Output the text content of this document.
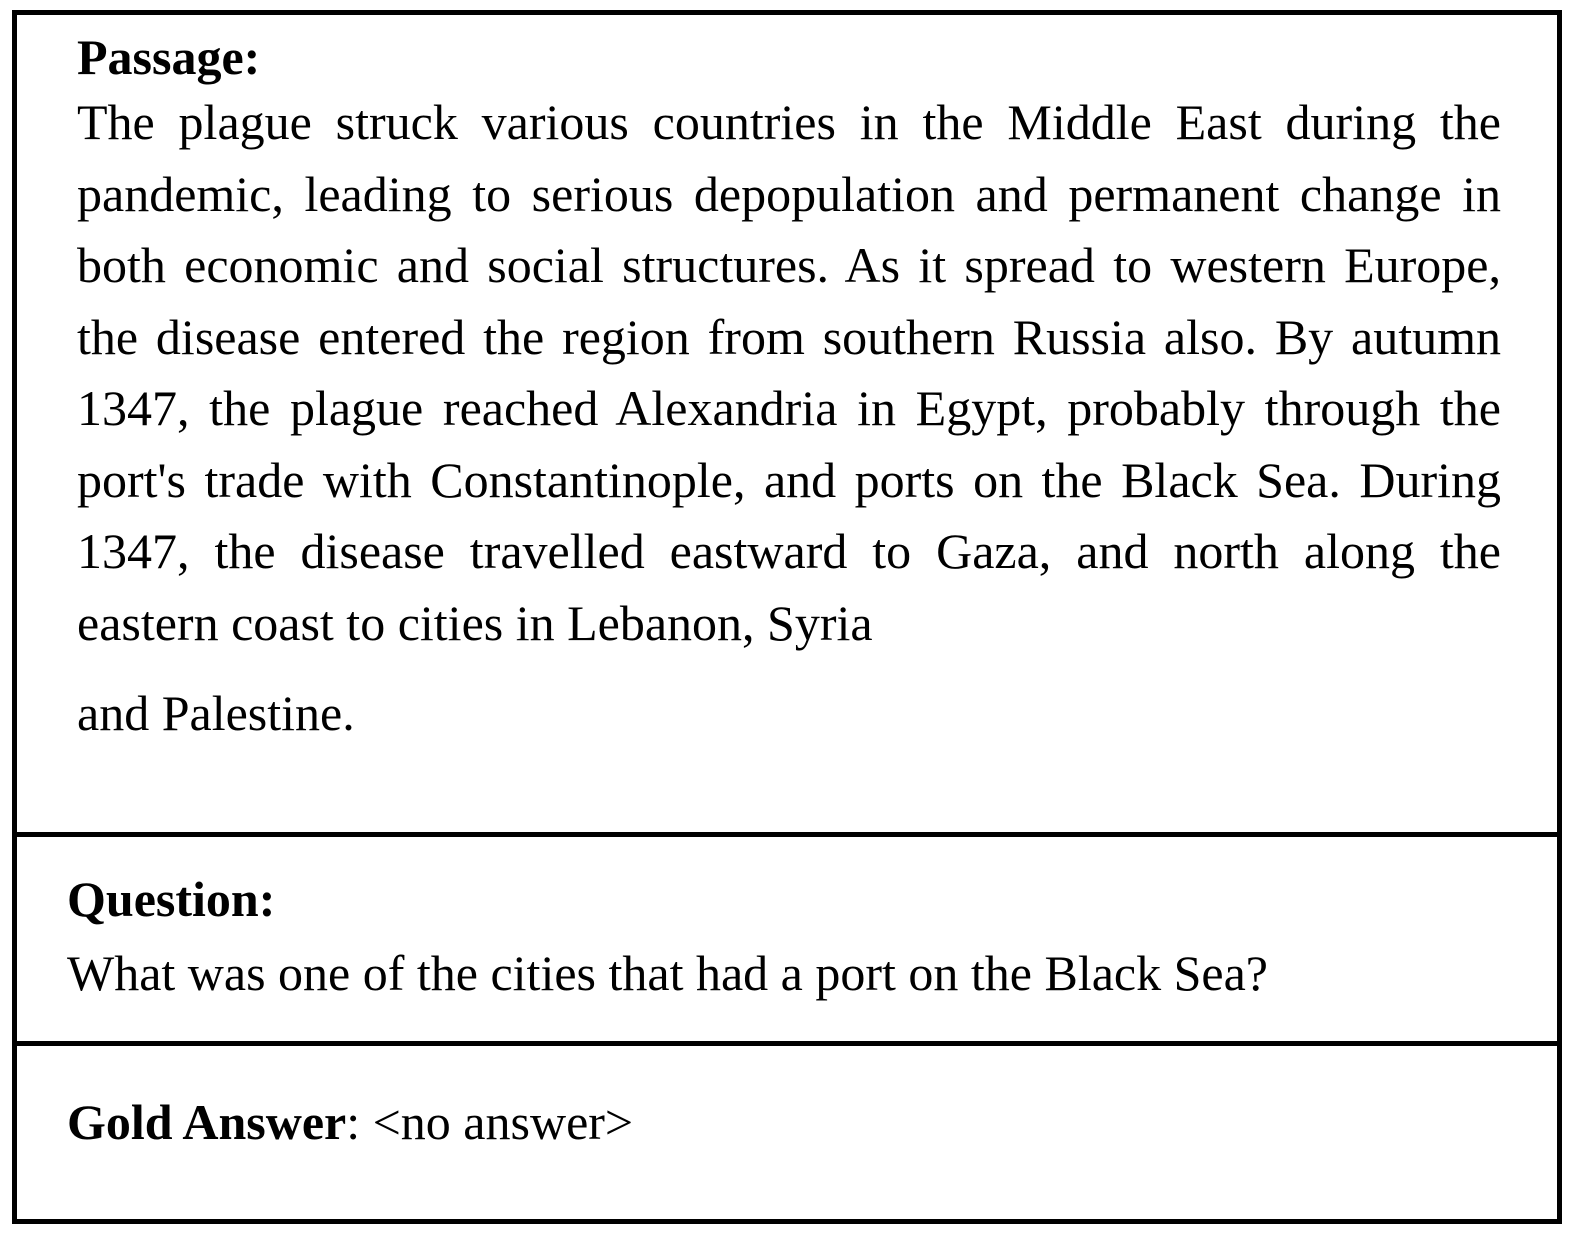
Passage:

The plague struck various countries in the Middle East during the pandemic, leading to serious depopulation and permanent change in both economic and social structures. As it spread to western Europe, the disease entered the region from southern Russia also. By autumn 1347, the plague reached Alexandria in Egypt, probably through the port's trade with Constantinople, and ports on the Black Sea. During 1347, the disease travelled eastward to Gaza, and north along the eastern coast to cities in Lebanon, Syria

and Palestine.
Question:
What was one of the cities that had a port on the Black Sea?
Gold Answer: <no answer>
